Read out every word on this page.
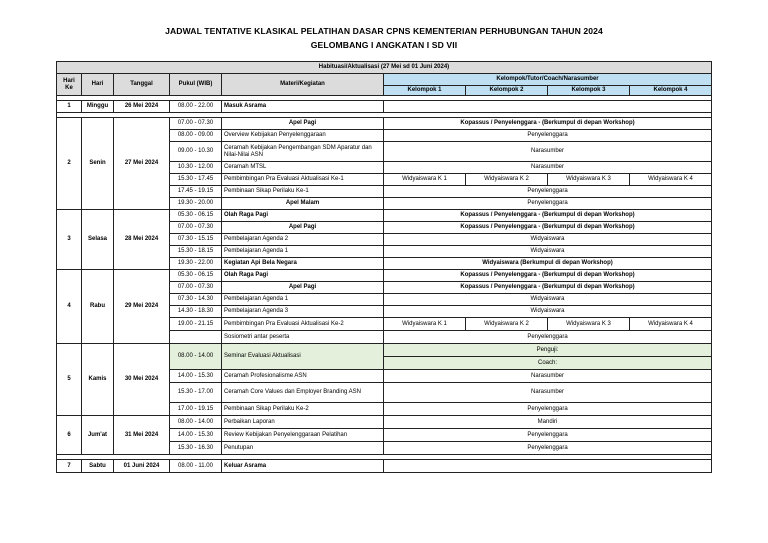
JADWAL TENTATIVE KLASIKAL PELATIHAN DASAR CPNS KEMENTERIAN PERHUBUNGAN TAHUN 2024
GELOMBANG I ANGKATAN I SD VII
Habituasi/Aktualisasi (27 Mei sd 01 Juni 2024)								
Hari Ke	Hari	Tanggal	Pukul (WIB)	Materi/Kegiatan	Kelompok/Tutor/Coach/Narasumber			
					Kelompok 1	Kelompok 2	Kelompok 3	Kelompok 4

1	Minggu	26 Mei 2024	08.00 - 22.00	Masuk Asrama				

2	Senin	27 Mei 2024	07.00 - 07.30	Apel Pagi	Kopassus / Penyelenggara - (Berkumpul di depan Workshop)			
			08.00 - 09.00	Overview Kebijakan Penyelenggaraan	Penyelenggara			
			09.00 - 10.30	Ceramah Kebijakan Pengembangan SDM Aparatur dan Nilai-Nilai ASN	Narasumber			
			10.30 - 12.00	Ceramah MTSL	Narasumber			
			15.30 - 17.45	Pembimbingan Pra Evaluasi Aktualisasi Ke-1	Widyaiswara K 1	Widyaiswara K 2	Widyaiswara K 3	Widyaiswara K 4
			17.45 - 19.15	Pembinaan Sikap Perilaku Ke-1	Penyelenggara			
			19.30 - 20.00	Apel Malam	Penyelenggara			
3	Selasa	28 Mei 2024	05.30 - 06.15	Olah Raga Pagi	Kopassus / Penyelenggara - (Berkumpul di depan Workshop)			
			07.00 - 07.30	Apel Pagi	Kopassus / Penyelenggara - (Berkumpul di depan Workshop)			
			07.30 - 15.15	Pembelajaran Agenda 2	Widyaiswara			
			15.30 - 18.15	Pembelajaran Agenda 1	Widyaiswara			
			19.30 - 22.00	Kegiatan Api Bela Negara	Widyaiswara (Berkumpul di depan Workshop)			
4	Rabu	29 Mei 2024	05.30 - 06.15	Olah Raga Pagi	Kopassus / Penyelenggara - (Berkumpul di depan Workshop)			
			07.00 - 07.30	Apel Pagi	Kopassus / Penyelenggara - (Berkumpul di depan Workshop)			
			07.30 - 14.30	Pembelajaran Agenda 1	Widyaiswara			
			14.30 - 18.30	Pembelajaran Agenda 3	Widyaiswara			
			19.00 - 21.15	Pembimbingan Pra Evaluasi Aktualisasi Ke-2	Widyaiswara K 1	Widyaiswara K 2	Widyaiswara K 3	Widyaiswara K 4
				Sosiometri antar peserta	Penyelenggara			
5	Kamis	30 Mei 2024	08.00 - 14.00	Seminar Evaluasi Aktualisasi	Penguji:			
					Coach:			
			14.00 - 15.30	Ceramah Profesionalisme ASN	Narasumber			
			15.30 - 17.00	Ceramah Core Values dan Employer Branding ASN	Narasumber			
			17.00 - 19.15	Pembinaan Sikap Perilaku Ke-2	Penyelenggara			
6	Jum'at	31 Mei 2024	08.00 - 14.00	Perbaikan Laporan	Mandiri			
			14.00 - 15.30	Review Kebijakan Penyelenggaraan Pelatihan	Penyelenggara			
			15.30 - 16.30	Penutupan	Penyelenggara			

7	Sabtu	01 Juni 2024	08.00 - 11.00	Keluar Asrama				
